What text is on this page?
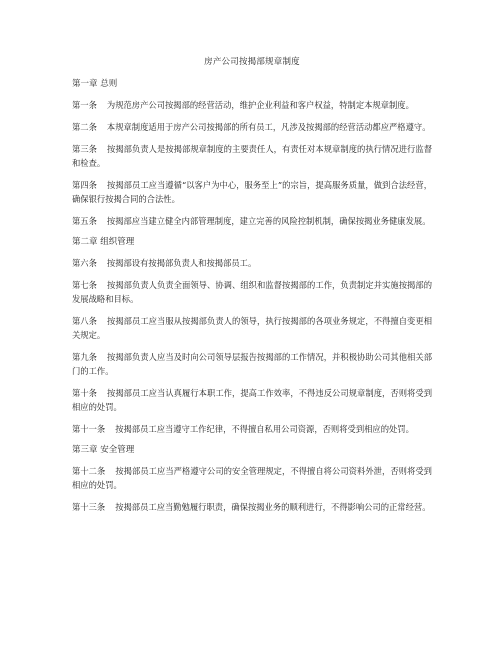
房产公司按揭部规章制度
第一章 总则
第一条 为规范房产公司按揭部的经营活动，维护企业利益和客户权益，特制定本规章制度。
第二条 本规章制度适用于房产公司按揭部的所有员工，凡涉及按揭部的经营活动都应严格遵守。
第三条 按揭部负责人是按揭部规章制度的主要责任人，有责任对本规章制度的执行情况进行监督和检查。
第四条 按揭部员工应当遵循“以客户为中心，服务至上”的宗旨，提高服务质量，做到合法经营，确保银行按揭合同的合法性。
第五条 按揭部应当建立健全内部管理制度，建立完善的风险控制机制，确保按揭业务健康发展。
第二章 组织管理
第六条 按揭部设有按揭部负责人和按揭部员工。
第七条 按揭部负责人负责全面领导、协调、组织和监督按揭部的工作，负责制定并实施按揭部的发展战略和目标。
第八条 按揭部员工应当服从按揭部负责人的领导，执行按揭部的各项业务规定，不得擅自变更相关规定。
第九条 按揭部负责人应当及时向公司领导层报告按揭部的工作情况，并积极协助公司其他相关部门的工作。
第十条 按揭部员工应当认真履行本职工作，提高工作效率，不得违反公司规章制度，否则将受到相应的处罚。
第十一条 按揭部员工应当遵守工作纪律，不得擅自私用公司资源，否则将受到相应的处罚。
第三章 安全管理
第十二条 按揭部员工应当严格遵守公司的安全管理规定，不得擅自将公司资料外泄，否则将受到相应的处罚。
第十三条 按揭部员工应当勤勉履行职责，确保按揭业务的顺利进行，不得影响公司的正常经营。
